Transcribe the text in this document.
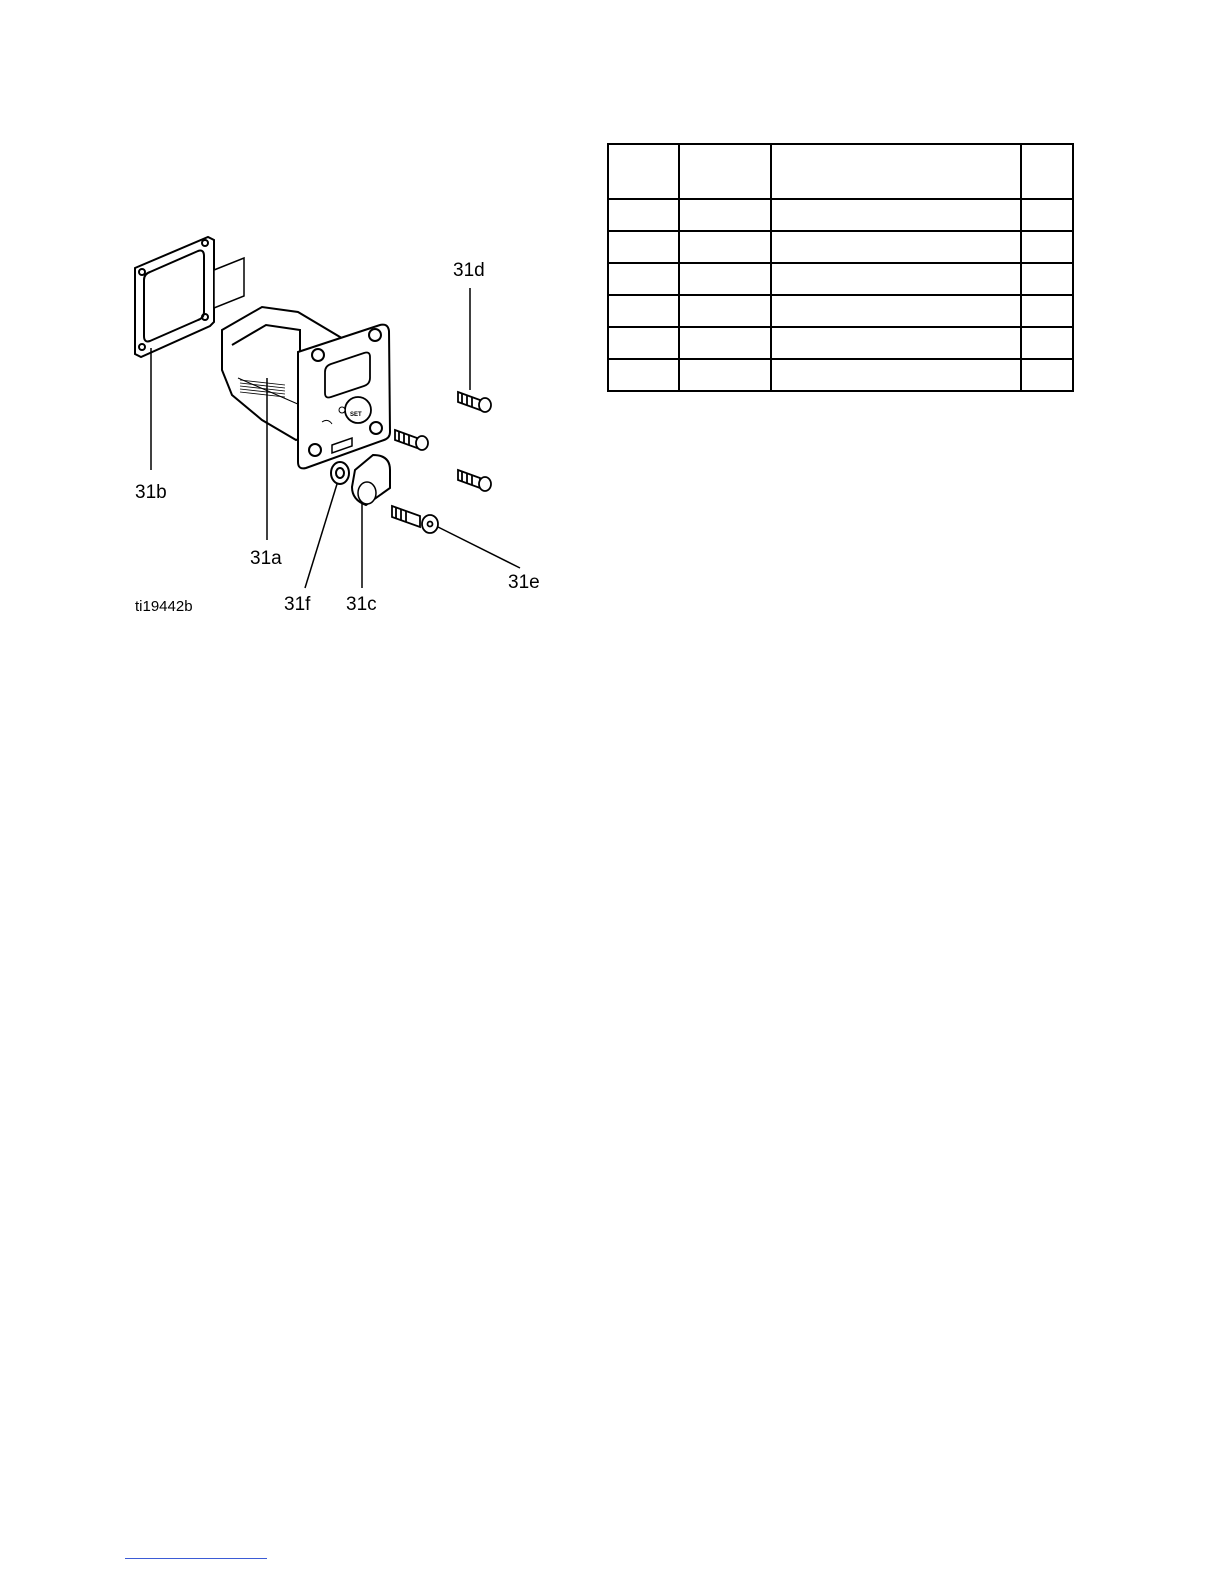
SET
31b
31a
31f 31c
31d
31e
ti19442b
